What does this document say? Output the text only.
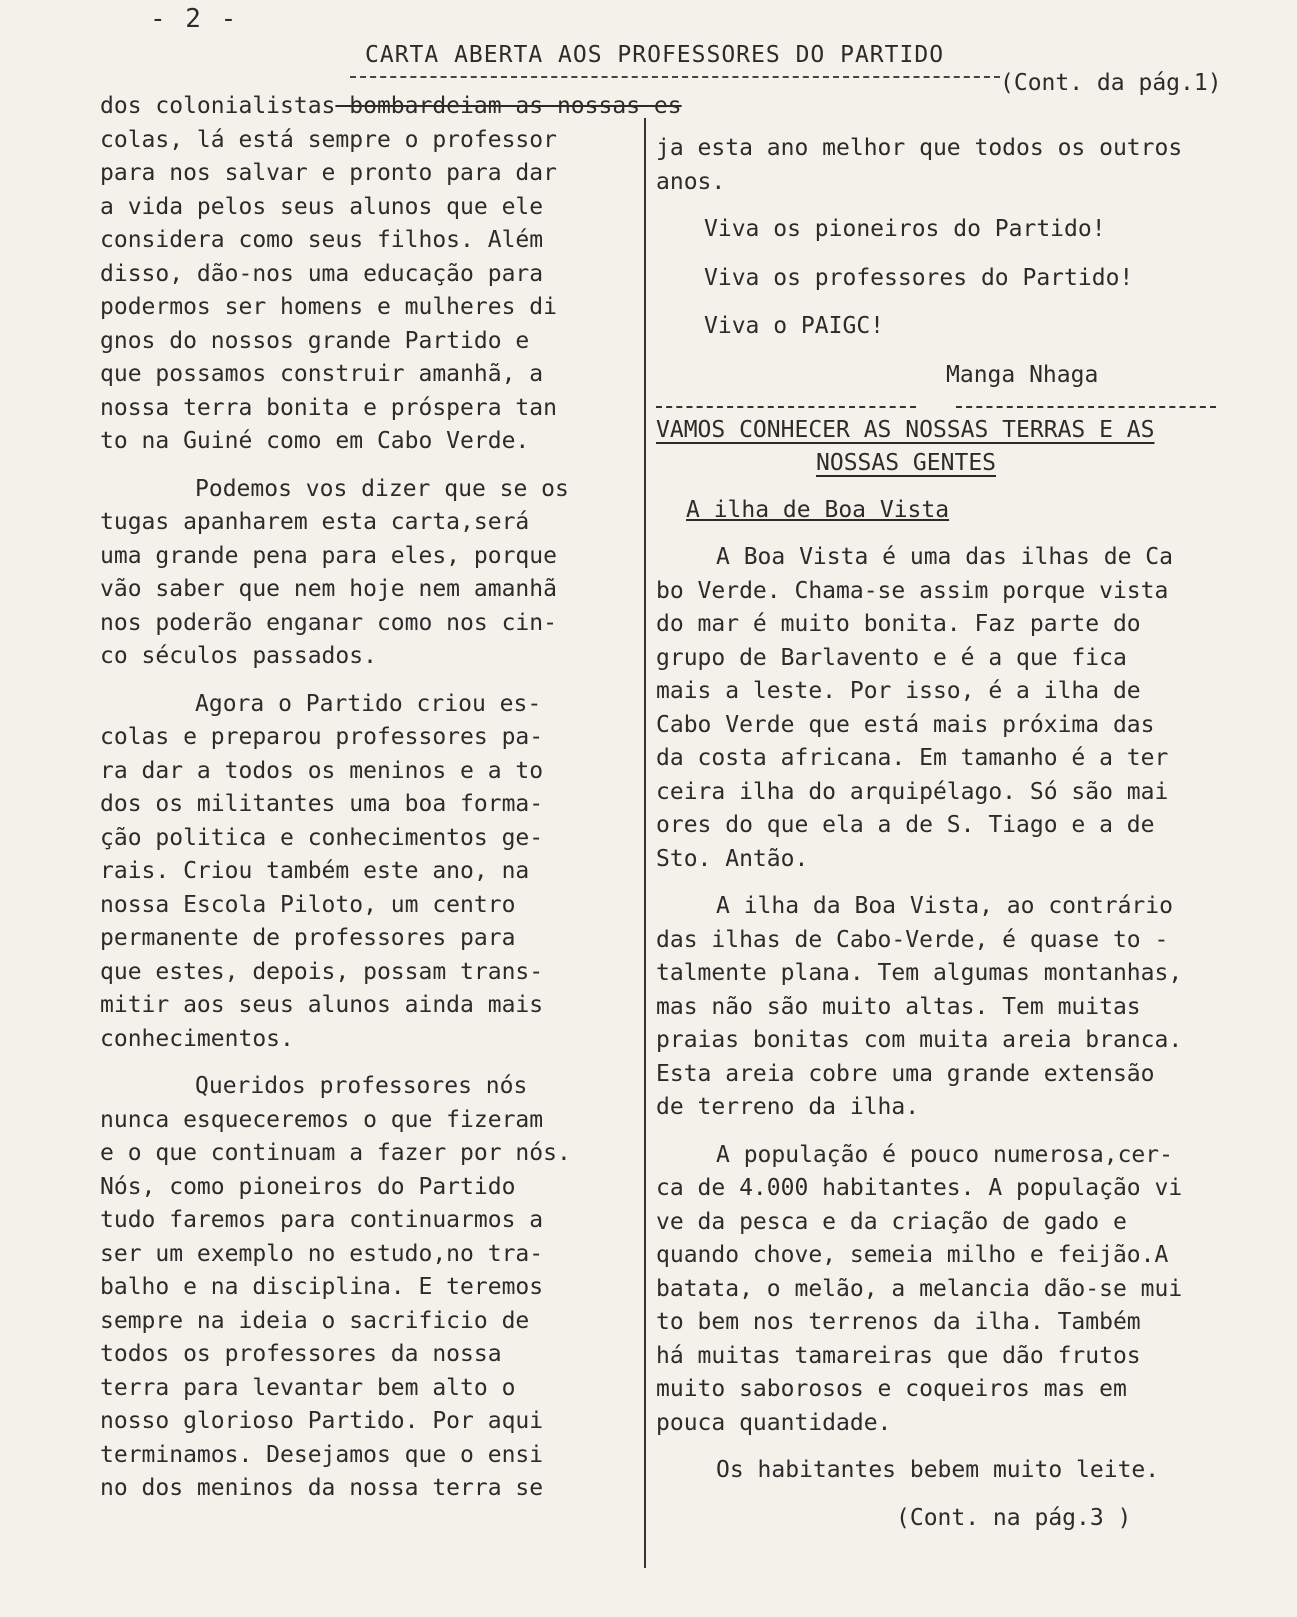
- 2 -
CARTA ABERTA AOS PROFESSORES DO PARTIDO
(Cont. da pág.1)
dos colonialistas bombardeiam as nossas es
colas, lá está sempre o professor
para nos salvar e pronto para dar
a vida pelos seus alunos que ele
considera como seus filhos. Além
disso, dão-nos uma educação para
podermos ser homens e mulheres di
gnos do nossos grande Partido e
que possamos construir amanhã, a
nossa terra bonita e próspera tan
to na Guiné como em Cabo Verde.
Podemos vos dizer que se os
tugas apanharem esta carta,será
uma grande pena para eles, porque
vão saber que nem hoje nem amanhã
nos poderão enganar como nos cin-
co séculos passados.
Agora o Partido criou es-
colas e preparou professores pa-
ra dar a todos os meninos e a to
dos os militantes uma boa forma-
ção politica e conhecimentos ge-
rais. Criou também este ano, na
nossa Escola Piloto, um centro
permanente de professores para
que estes, depois, possam trans-
mitir aos seus alunos ainda mais
conhecimentos.
Queridos professores nós
nunca esqueceremos o que fizeram
e o que continuam a fazer por nós.
Nós, como pioneiros do Partido
tudo faremos para continuarmos a
ser um exemplo no estudo,no tra-
balho e na disciplina. E teremos
sempre na ideia o sacrificio de
todos os professores da nossa
terra para levantar bem alto o
nosso glorioso Partido. Por aqui
terminamos. Desejamos que o ensi
no dos meninos da nossa terra se
ja esta ano melhor que todos os outros
anos.
Viva os pioneiros do Partido!
Viva os professores do Partido!
Viva o PAIGC!
Manga Nhaga
VAMOS CONHECER AS NOSSAS TERRAS E AS
NOSSAS GENTES
A ilha de Boa Vista
A Boa Vista é uma das ilhas de Ca
bo Verde. Chama-se assim porque vista
do mar é muito bonita. Faz parte do
grupo de Barlavento e é a que fica
mais a leste. Por isso, é a ilha de
Cabo Verde que está mais próxima das
da costa africana. Em tamanho é a ter
ceira ilha do arquipélago. Só são mai
ores do que ela a de S. Tiago e a de
Sto. Antão.
A ilha da Boa Vista, ao contrário
das ilhas de Cabo-Verde, é quase to -
talmente plana. Tem algumas montanhas,
mas não são muito altas. Tem muitas
praias bonitas com muita areia branca.
Esta areia cobre uma grande extensão
de terreno da ilha.
A população é pouco numerosa,cer-
ca de 4.000 habitantes. A população vi
ve da pesca e da criação de gado e
quando chove, semeia milho e feijão.A
batata, o melão, a melancia dão-se mui
to bem nos terrenos da ilha. Também
há muitas tamareiras que dão frutos
muito saborosos e coqueiros mas em
pouca quantidade.
Os habitantes bebem muito leite.
(Cont. na pág.3 )
